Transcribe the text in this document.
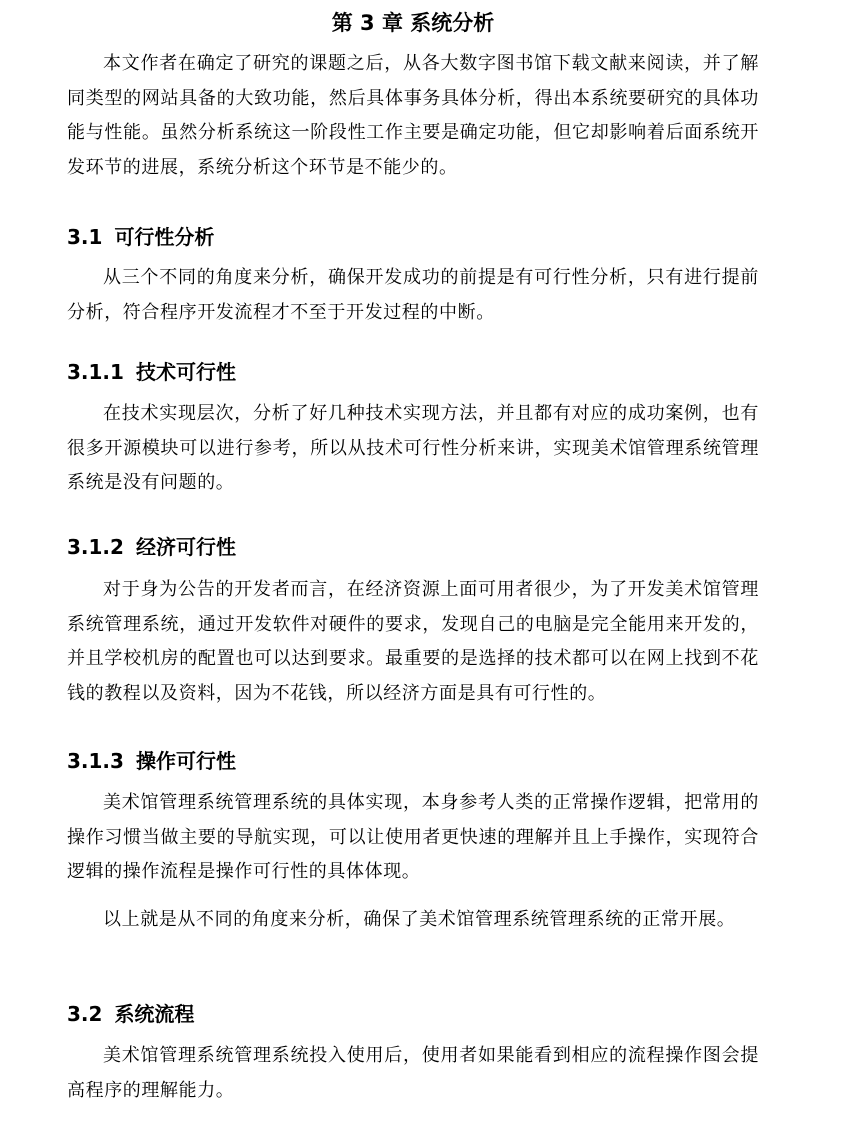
第 3 章 系统分析

本文作者在确定了研究的课题之后，从各大数字图书馆下载文献来阅读，并了解同类型的网站具备的大致功能，然后具体事务具体分析，得出本系统要研究的具体功能与性能。虽然分析系统这一阶段性工作主要是确定功能，但它却影响着后面系统开发环节的进展，系统分析这个环节是不能少的。

3.1 可行性分析

从三个不同的角度来分析，确保开发成功的前提是有可行性分析，只有进行提前分析，符合程序开发流程才不至于开发过程的中断。

3.1.1 技术可行性

在技术实现层次，分析了好几种技术实现方法，并且都有对应的成功案例，也有很多开源模块可以进行参考，所以从技术可行性分析来讲，实现美术馆管理系统管理系统是没有问题的。

3.1.2 经济可行性

对于身为公告的开发者而言，在经济资源上面可用者很少，为了开发美术馆管理系统管理系统，通过开发软件对硬件的要求，发现自己的电脑是完全能用来开发的，并且学校机房的配置也可以达到要求。最重要的是选择的技术都可以在网上找到不花钱的教程以及资料，因为不花钱，所以经济方面是具有可行性的。

3.1.3 操作可行性

美术馆管理系统管理系统的具体实现，本身参考人类的正常操作逻辑，把常用的操作习惯当做主要的导航实现，可以让使用者更快速的理解并且上手操作，实现符合逻辑的操作流程是操作可行性的具体体现。

以上就是从不同的角度来分析，确保了美术馆管理系统管理系统的正常开展。

3.2 系统流程

美术馆管理系统管理系统投入使用后，使用者如果能看到相应的流程操作图会提高程序的理解能力。
